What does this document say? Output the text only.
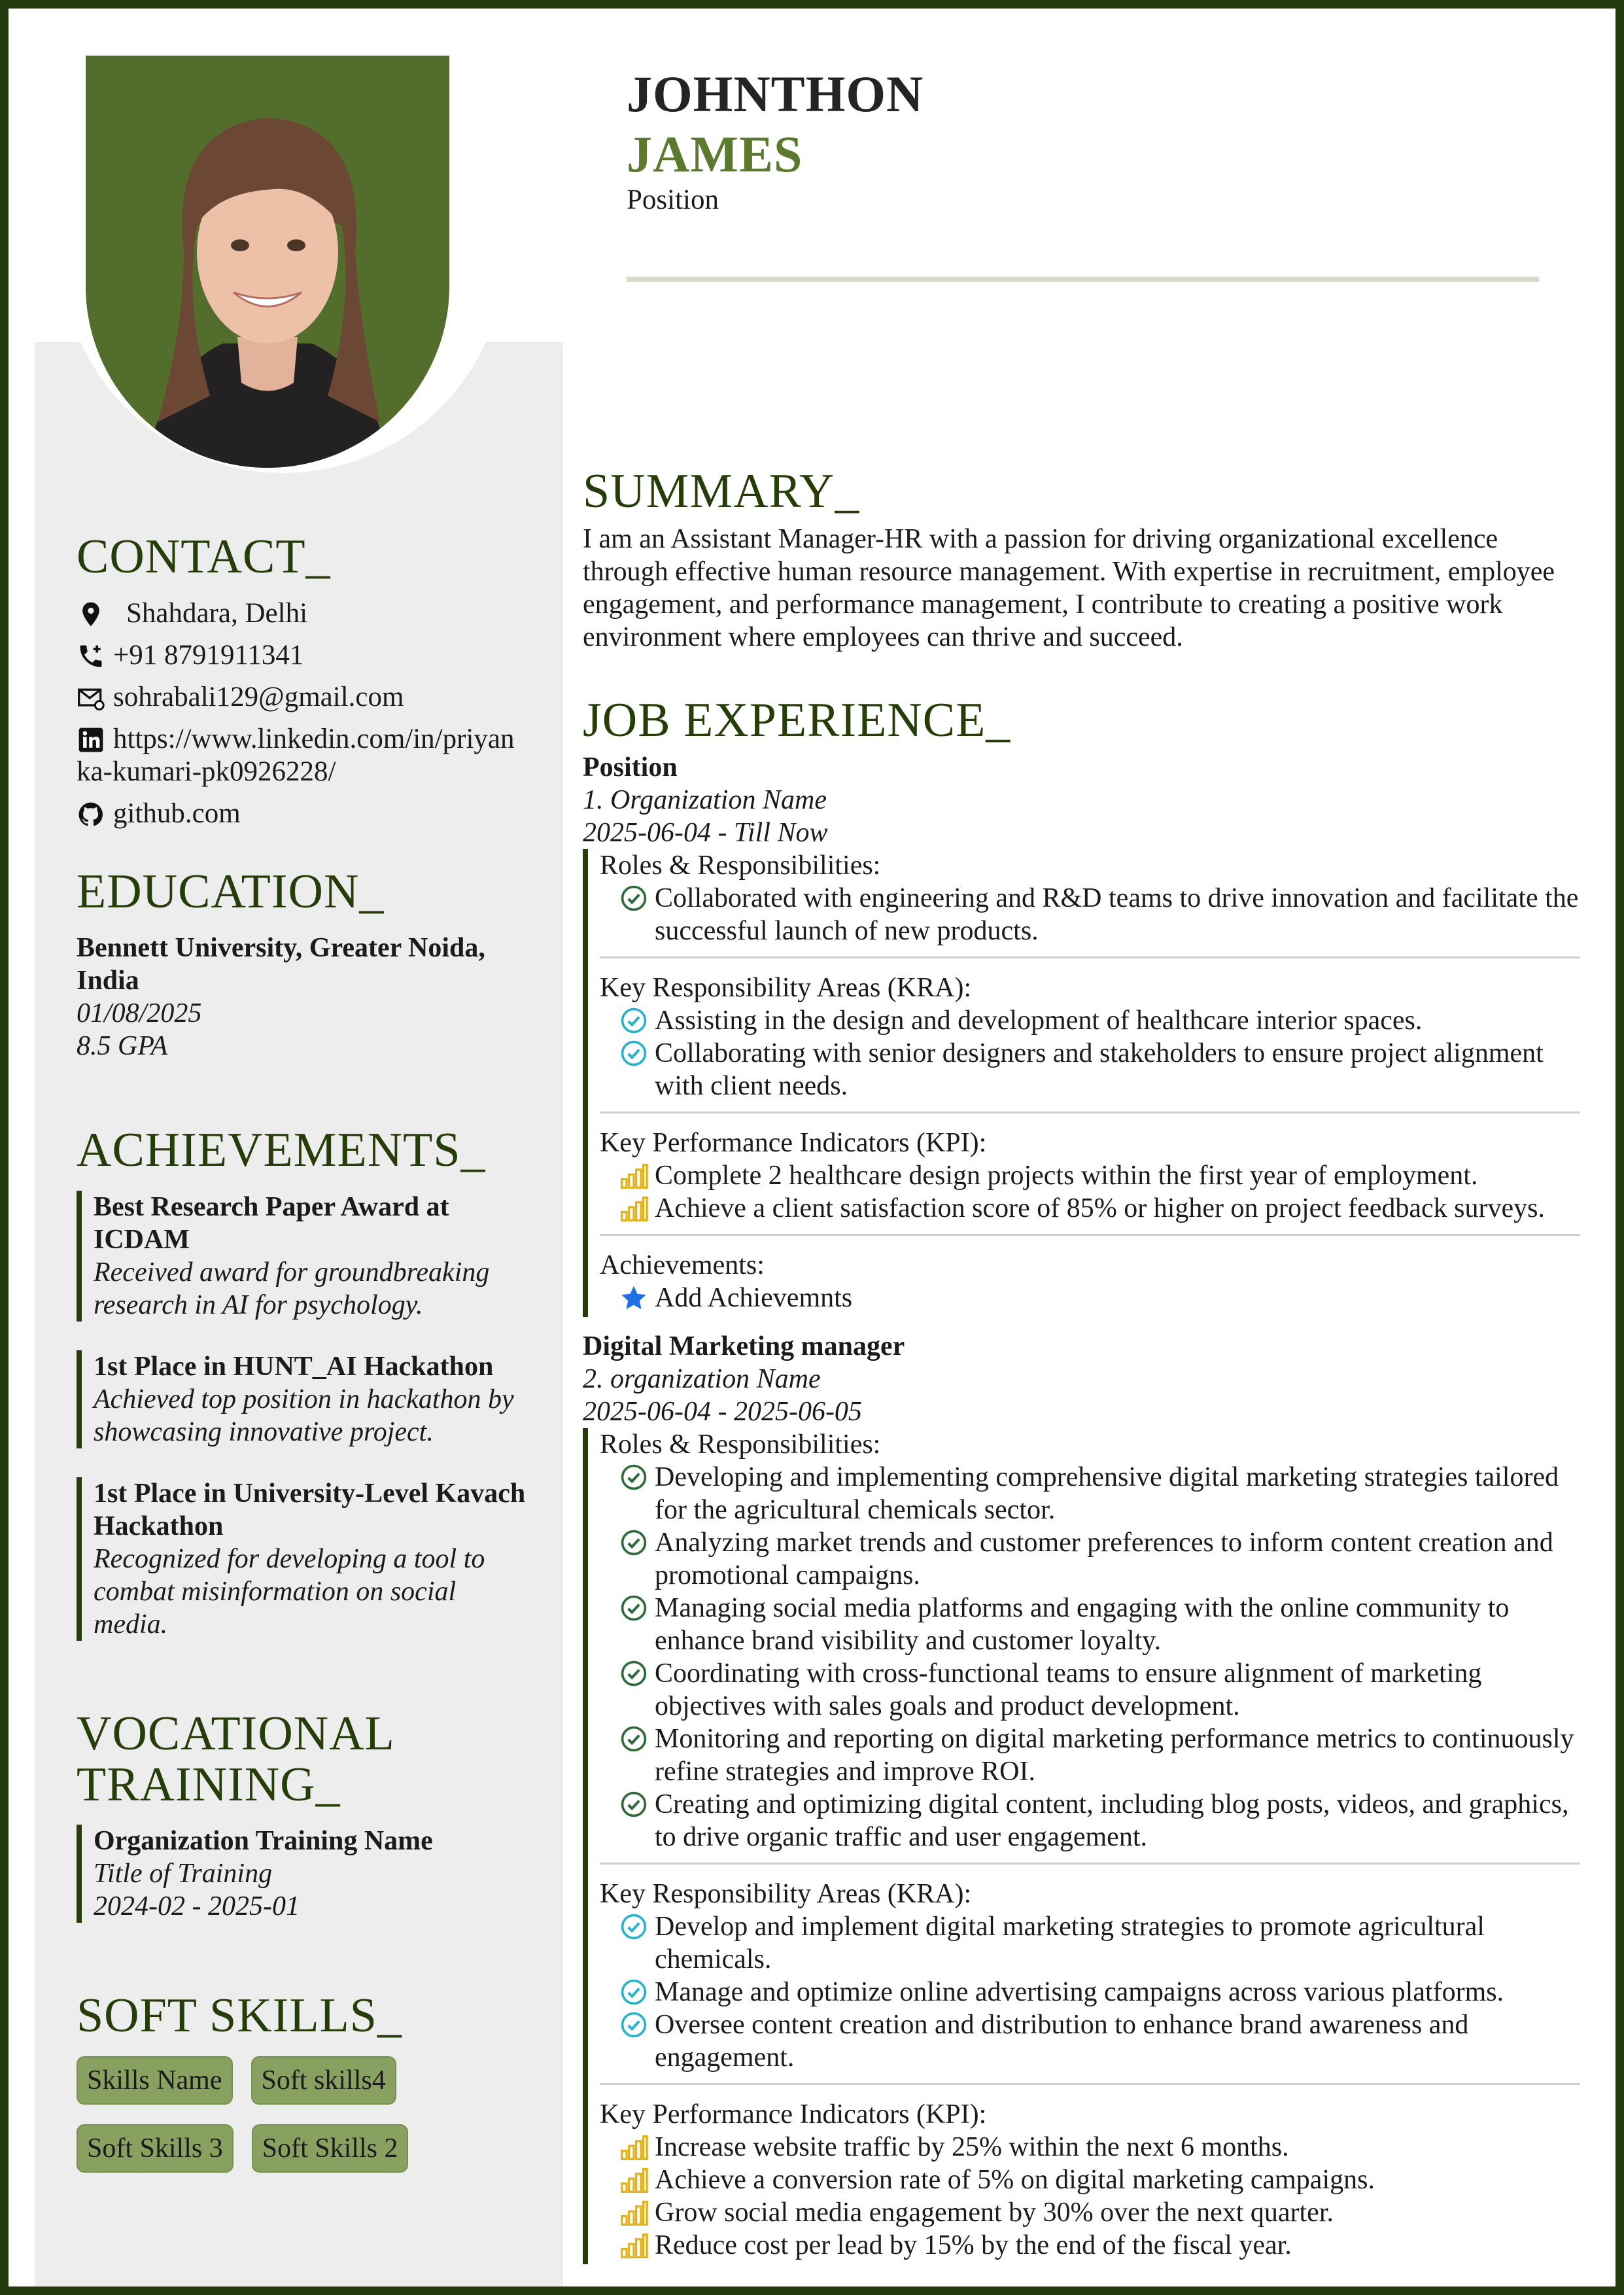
JOHNTHON
JAMES
Position
CONTACT_
Shahdara, Delhi
+91 8791911341
sohrabali129@gmail.com
https://www.linkedin.com/in/priyanka-kumari-pk0926228/
github.com
EDUCATION_
Bennett University, Greater Noida, India
01/08/2025
8.5 GPA
ACHIEVEMENTS_
Best Research Paper Award at ICDAM
Received award for groundbreaking research in AI for psychology.
1st Place in HUNT_AI Hackathon
Achieved top position in hackathon by showcasing innovative project.
1st Place in University-Level Kavach Hackathon
Recognized for developing a tool to combat misinformation on social media.
VOCATIONAL TRAINING_
Organization Training Name
Title of Training
2024-02 - 2025-01
SOFT SKILLS_
Skills Name	Soft skills4
Soft Skills 3	Soft Skills 2
SUMMARY_
I am an Assistant Manager-HR with a passion for driving organizational excellence through effective human resource management. With expertise in recruitment, employee engagement, and performance management, I contribute to creating a positive work environment where employees can thrive and succeed.
JOB EXPERIENCE_
Position
1. Organization Name
2025-06-04 - Till Now
Roles & Responsibilities:
Collaborated with engineering and R&D teams to drive innovation and facilitate the successful launch of new products.
Key Responsibility Areas (KRA):
Assisting in the design and development of healthcare interior spaces.
Collaborating with senior designers and stakeholders to ensure project alignment with client needs.
Key Performance Indicators (KPI):
Complete 2 healthcare design projects within the first year of employment.
Achieve a client satisfaction score of 85% or higher on project feedback surveys.
Achievements:
Add Achievemnts
Digital Marketing manager
2. organization Name
2025-06-04 - 2025-06-05
Roles & Responsibilities:
Developing and implementing comprehensive digital marketing strategies tailored for the agricultural chemicals sector.
Analyzing market trends and customer preferences to inform content creation and promotional campaigns.
Managing social media platforms and engaging with the online community to enhance brand visibility and customer loyalty.
Coordinating with cross-functional teams to ensure alignment of marketing objectives with sales goals and product development.
Monitoring and reporting on digital marketing performance metrics to continuously refine strategies and improve ROI.
Creating and optimizing digital content, including blog posts, videos, and graphics, to drive organic traffic and user engagement.
Key Responsibility Areas (KRA):
Develop and implement digital marketing strategies to promote agricultural chemicals.
Manage and optimize online advertising campaigns across various platforms.
Oversee content creation and distribution to enhance brand awareness and engagement.
Key Performance Indicators (KPI):
Increase website traffic by 25% within the next 6 months.
Achieve a conversion rate of 5% on digital marketing campaigns.
Grow social media engagement by 30% over the next quarter.
Reduce cost per lead by 15% by the end of the fiscal year.
